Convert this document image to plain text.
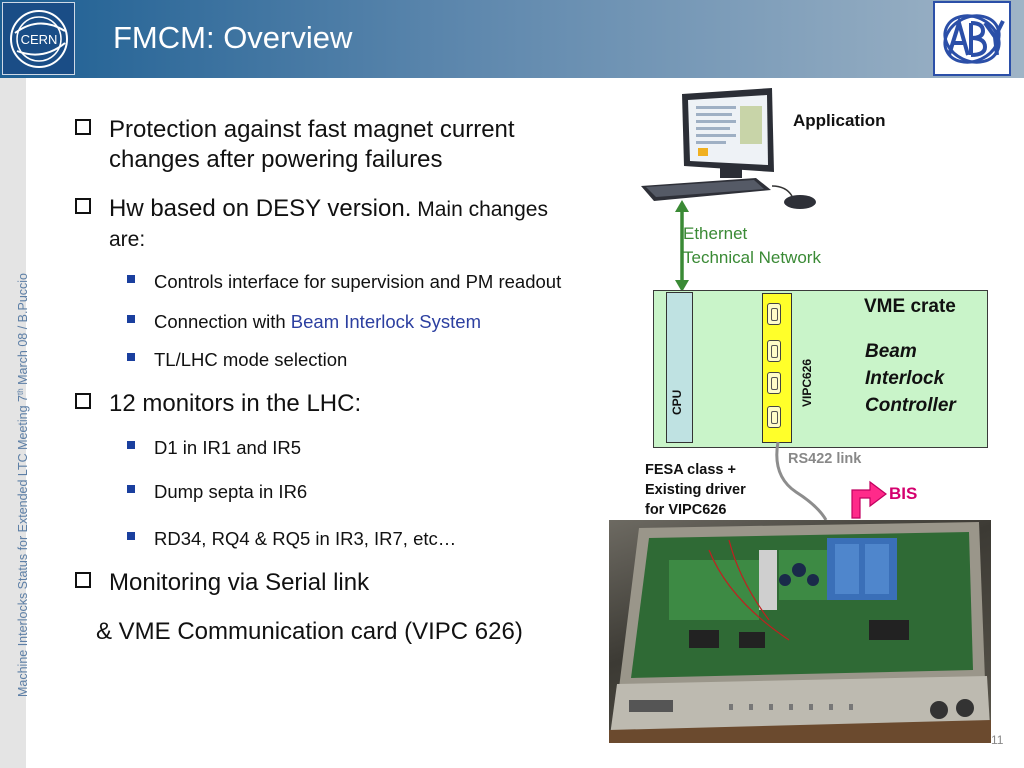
CERN FMCM: Overview
Machine Interlocks Status for Extended LTC Meeting 7th March 08 / B.Puccio
Protection against fast magnet current
changes after powering failures
Hw based on DESY version. Main changes
are:
Controls interface for supervision and PM readout
Connection with Beam Interlock System
TL/LHC mode selection
12 monitors in the LHC:
D1 in IR1 and IR5
Dump septa in IR6
RD34, RQ4 & RQ5 in IR3, IR7, etc…
Monitoring via Serial link
& VME Communication card (VIPC 626)
Application
Ethernet
Technical Network
CPU	VIPC626
VME crate
Beam
Interlock
Controller
RS422 link
FESA class +
Existing driver
for VIPC626
BIS
11
